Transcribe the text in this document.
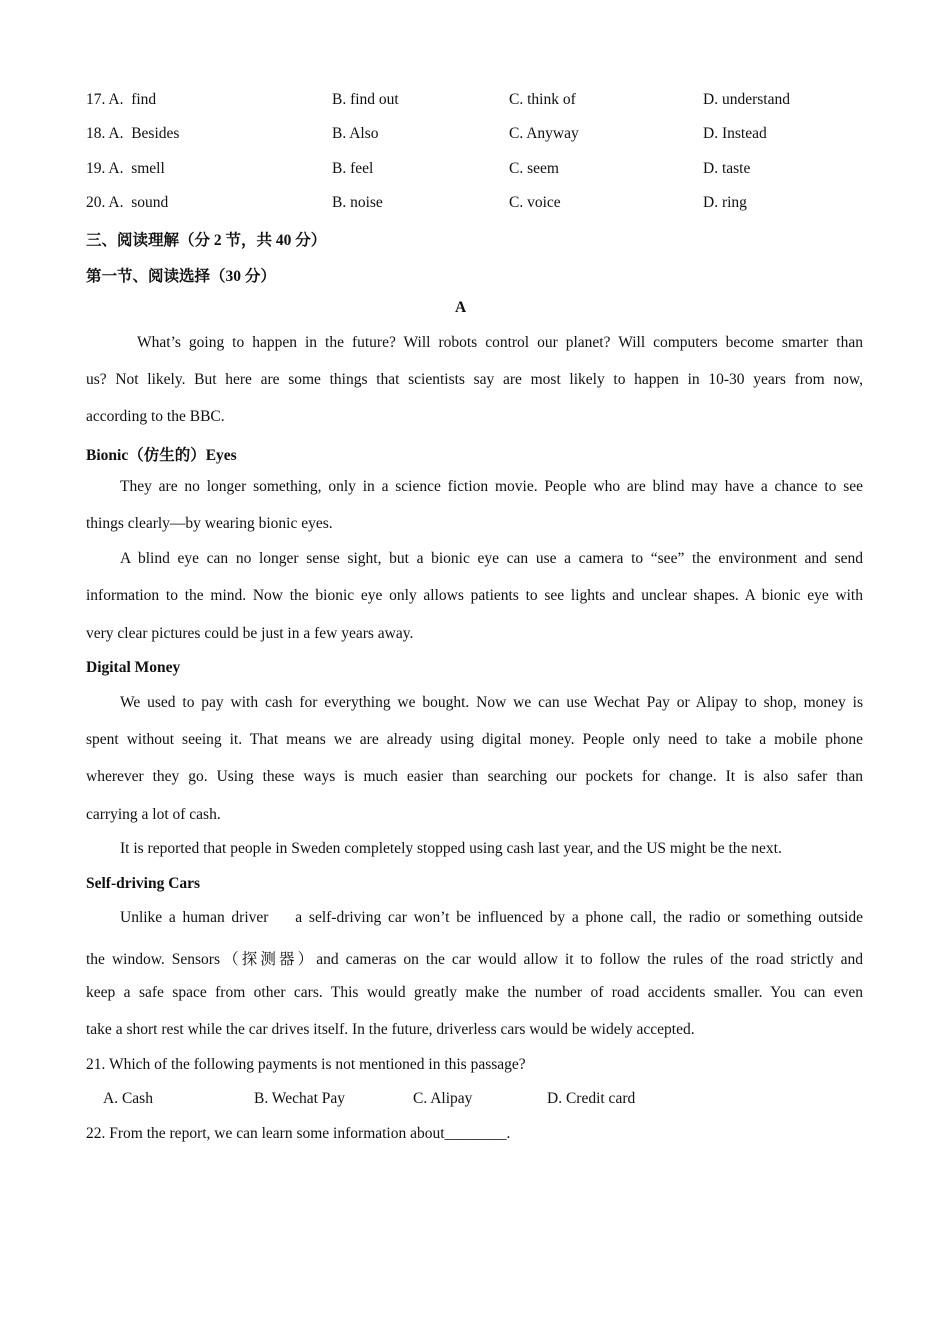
17. A. find	B. find out	C. think of	D. understand
18. A. Besides	B. Also	C. Anyway	D. Instead
19. A. smell	B. feel	C. seem	D. taste
20. A. sound	B. noise	C. voice	D. ring
三、阅读理解（分 2 节，共 40 分）
第一节、阅读选择（30 分）
A
What’s going to happen in the future? Will robots control our planet? Will computers become smarter than
us? Not likely. But here are some things that scientists say are most likely to happen in 10-30 years from now,
according to the BBC.
Bionic（仿生的）Eyes
They are no longer something, only in a science fiction movie. People who are blind may have a chance to see
things clearly—by wearing bionic eyes.
A blind eye can no longer sense sight, but a bionic eye can use a camera to “see” the environment and send
information to the mind. Now the bionic eye only allows patients to see lights and unclear shapes. A bionic eye with
very clear pictures could be just in a few years away.
Digital Money
We used to pay with cash for everything we bought. Now we can use Wechat Pay or Alipay to shop, money is
spent without seeing it. That means we are already using digital money. People only need to take a mobile phone
wherever they go. Using these ways is much easier than searching our pockets for change. It is also safer than
carrying a lot of cash.
It is reported that people in Sweden completely stopped using cash last year, and the US might be the next.
Self-driving Cars
Unlike a human driver    a self-driving car won’t be influenced by a phone call, the radio or something outside
the window. Sensors（探测器）and cameras on the car would allow it to follow the rules of the road strictly and
keep a safe space from other cars. This would greatly make the number of road accidents smaller. You can even
take a short rest while the car drives itself. In the future, driverless cars would be widely accepted.
21. Which of the following payments is not mentioned in this passage?
A. Cash	B. Wechat Pay	C. Alipay	D. Credit card
22. From the report, we can learn some information about________.
